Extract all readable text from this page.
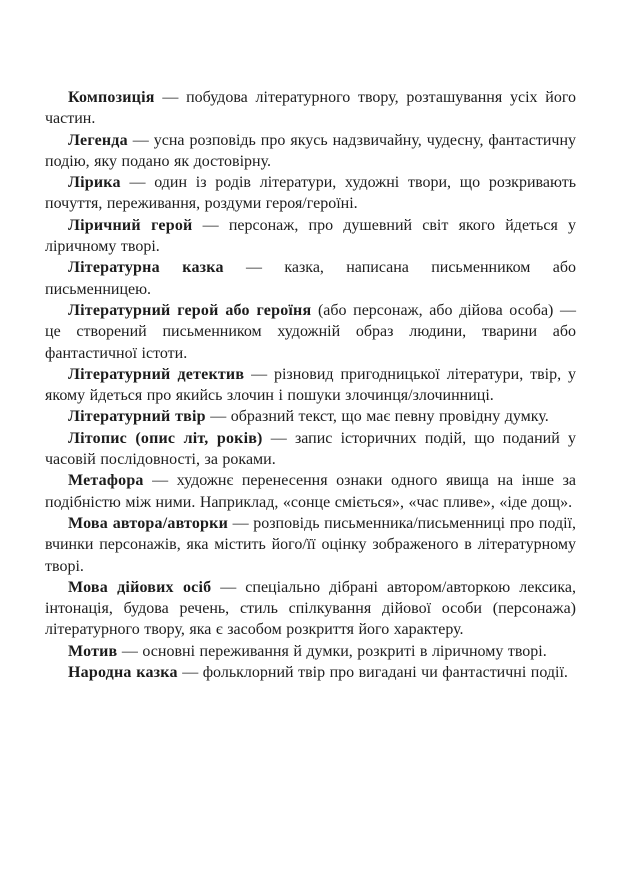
Композиція — побудова літературного твору, розташування усіх його частин.

Легенда — усна розповідь про якусь надзвичайну, чудесну, фантастичну подію, яку подано як достовірну.

Лірика — один із родів літератури, художні твори, що розкривають почуття, переживання, роздуми героя/героїні.

Ліричний герой — персонаж, про душевний світ якого йдеться у ліричному творі.

Літературна казка — казка, написана письменником або письменницею.

Літературний герой або героїня (або персонаж, або дійова особа) — це створений письменником художній образ людини, тварини або фантастичної істоти.

Літературний детектив — різновид пригодницької літератури, твір, у якому йдеться про якийсь злочин і пошуки злочинця/злочинниці.

Літературний твір — образний текст, що має певну провідну думку.

Літопис (опис літ, років) — запис історичних подій, що поданий у часовій послідовності, за роками.

Метафора — художнє перенесення ознаки одного явища на інше за подібністю між ними. Наприклад, «сонце сміється», «час пливе», «іде дощ».

Мова автора/авторки — розповідь письменника/письменниці про події, вчинки персонажів, яка містить його/її оцінку зображеного в літературному творі.

Мова дійових осіб — спеціально дібрані автором/авторкою лексика, інтонація, будова речень, стиль спілкування дійової особи (персонажа) літературного твору, яка є засобом розкриття його характеру.

Мотив — основні переживання й думки, розкриті в ліричному творі.

Народна казка — фольклорний твір про вигадані чи фантастичні події.
